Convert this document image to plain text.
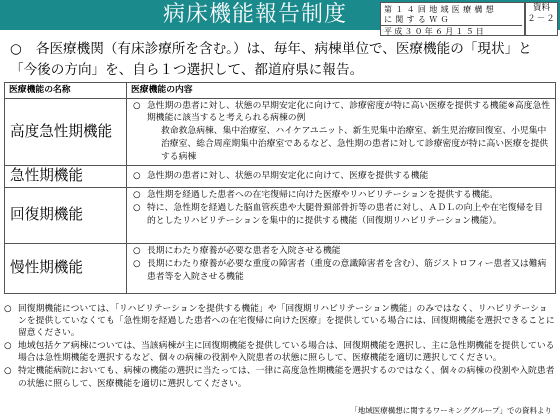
病床機能報告制度	第１４回地域医療構想
に関するＷＧ
平成３０年６月１５日
資料
２－２
○ 各医療機関（有床診療所を含む。）は、毎年、病棟単位で、医療機能の「現状」と「今後の方向」を、自ら１つ選択して、都道府県に報告。
医療機能の名称	医療機能の内容
高度急性期機能	○ 急性期の患者に対し、状態の早期安定化に向けて、診療密度が特に高い医療を提供する機能※高度急性期機能に該当すると考えられる病棟の例
救命救急病棟、集中治療室、ハイケアユニット、新生児集中治療室、新生児治療回復室、小児集中治療室、総合周産期集中治療室であるなど、急性期の患者に対して診療密度が特に高い医療を提供する病棟

急性期機能	○ 急性期の患者に対し、状態の早期安定化に向けて、医療を提供する機能

回復期機能	○ 急性期を経過した患者への在宅復帰に向けた医療やリハビリテーションを提供する機能。
○ 特に、急性期を経過した脳血管疾患や大腿骨頚部骨折等の患者に対し、ＡＤＬの向上や在宅復帰を目的としたリハビリテーションを集中的に提供する機能（回復期リハビリテーション機能）。

慢性期機能	○ 長期にわたり療養が必要な患者を入院させる機能
○ 長期にわたり療養が必要な重度の障害者（重度の意識障害者を含む）、筋ジストロフィー患者又は難病患者等を入院させる機能
○ 回復期機能については、「リハビリテーションを提供する機能」や「回復期リハビリテーション機能」のみではなく、リハビリテーションを提供していなくても「急性期を経過した患者への在宅復帰に向けた医療」を提供している場合には、回復期機能を選択できることに留意ください。
○ 地域包括ケア病棟については、当該病棟が主に回復期機能を提供している場合は、回復期機能を選択し、主に急性期機能を提供している場合は急性期機能を選択するなど、個々の病棟の役割や入院患者の状態に照らして、医療機能を適切に選択してください。
○ 特定機能病院においても、病棟の機能の選択に当たっては、一律に高度急性期機能を選択するのではなく、個々の病棟の役割や入院患者の状態に照らして、医療機能を適切に選択してください。
「地域医療構想に関するワーキンググループ」での資料より
